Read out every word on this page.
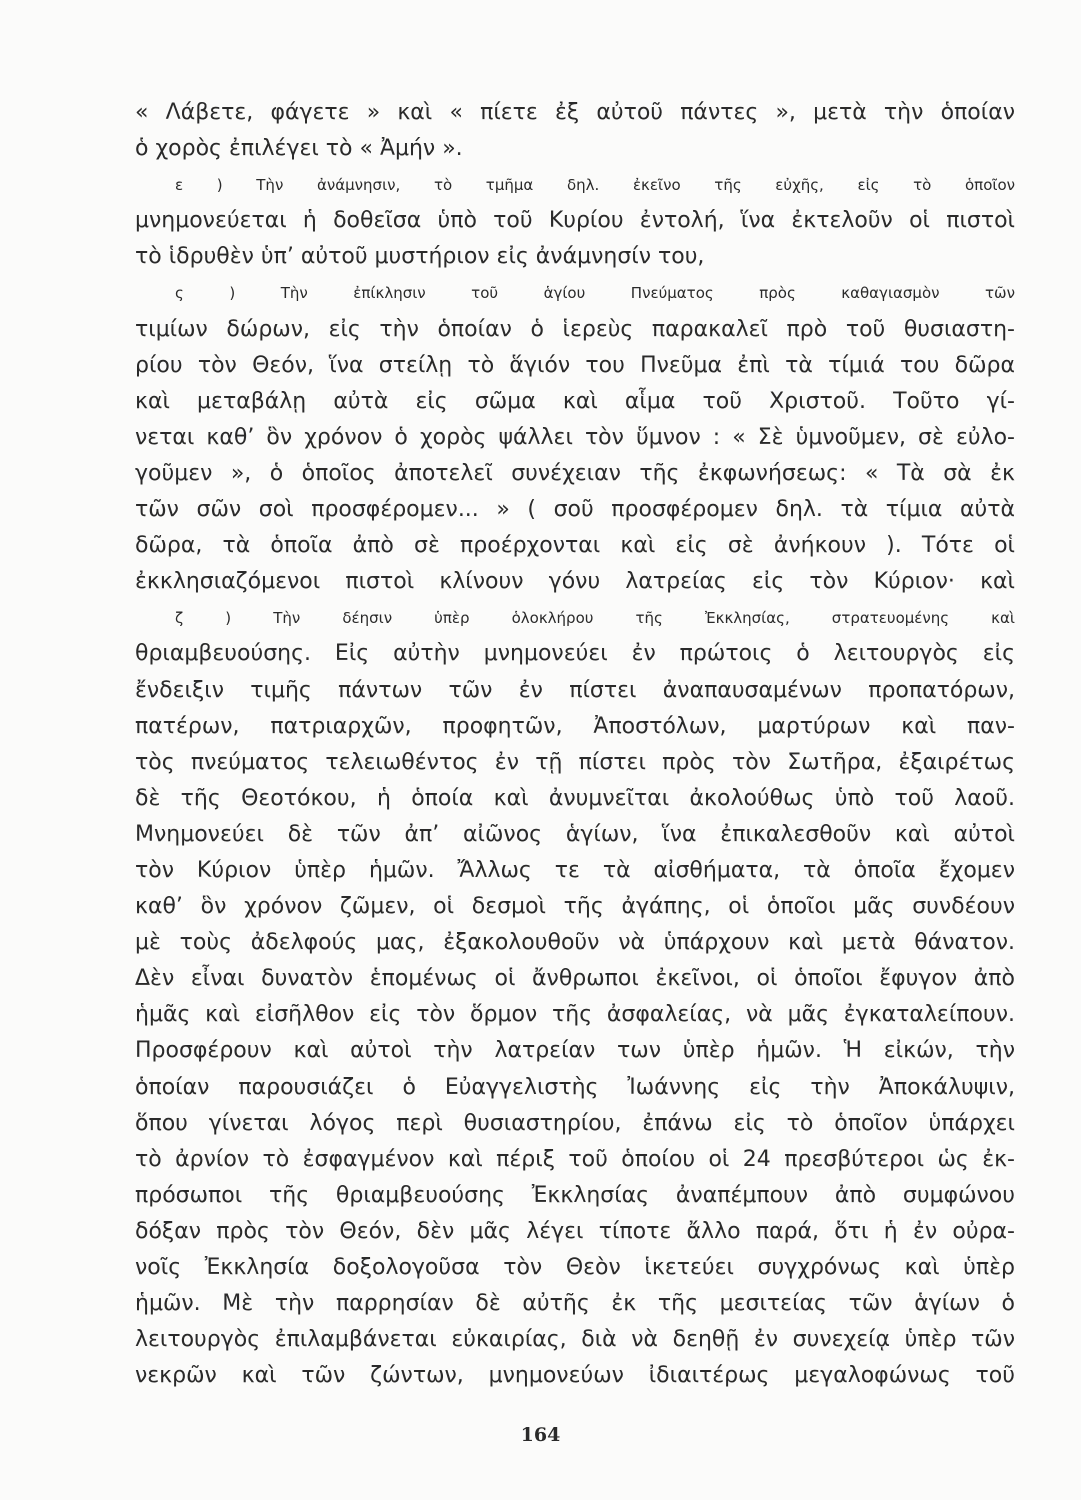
« Λάβετε, φάγετε » καὶ « πίετε ἐξ αὐτοῦ πάντες », μετὰ τὴν ὁποίαν
ὁ χορὸς ἐπιλέγει τὸ « Ἀμήν ».
ε ) Τὴν ἀνάμνησιν, τὸ τμῆμα δηλ. ἐκεῖνο τῆς εὐχῆς, εἰς τὸ ὁποῖον
μνημονεύεται ἡ δοθεῖσα ὑπὸ τοῦ Κυρίου ἐντολή, ἵνα ἐκτελοῦν οἱ πιστοὶ
τὸ ἱδρυθὲν ὑπ’ αὐτοῦ μυστήριον εἰς ἀνάμνησίν του,
ς ) Τὴν ἐπίκλησιν τοῦ ἁγίου Πνεύματος πρὸς καθαγιασμὸν τῶν
τιμίων δώρων, εἰς τὴν ὁποίαν ὁ ἱερεὺς παρακαλεῖ πρὸ τοῦ θυσιαστη-
ρίου τὸν Θεόν, ἵνα στείλῃ τὸ ἅγιόν του Πνεῦμα ἐπὶ τὰ τίμιά του δῶρα
καὶ μεταβάλῃ αὐτὰ εἰς σῶμα καὶ αἷμα τοῦ Χριστοῦ. Τοῦτο γί-
νεται καθ’ ὃν χρόνον ὁ χορὸς ψάλλει τὸν ὕμνον : « Σὲ ὑμνοῦμεν, σὲ εὐλο-
γοῦμεν », ὁ ὁποῖος ἀποτελεῖ συνέχειαν τῆς ἐκφωνήσεως: « Τὰ σὰ ἐκ
τῶν σῶν σοὶ προσφέρομεν... » ( σοῦ προσφέρομεν δηλ. τὰ τίμια αὐτὰ
δῶρα, τὰ ὁποῖα ἀπὸ σὲ προέρχονται καὶ εἰς σὲ ἀνήκουν ). Τότε οἱ
ἐκκλησιαζόμενοι πιστοὶ κλίνουν γόνυ λατρείας εἰς τὸν Κύριον· καὶ
ζ ) Τὴν δέησιν ὑπὲρ ὁλοκλήρου τῆς Ἐκκλησίας, στρατευομένης καὶ
θριαμβευούσης. Εἰς αὐτὴν μνημονεύει ἐν πρώτοις ὁ λειτουργὸς εἰς
ἔνδειξιν τιμῆς πάντων τῶν ἐν πίστει ἀναπαυσαμένων προπατόρων,
πατέρων, πατριαρχῶν, προφητῶν, Ἀποστόλων, μαρτύρων καὶ παν-
τὸς πνεύματος τελειωθέντος ἐν τῇ πίστει πρὸς τὸν Σωτῆρα, ἐξαιρέτως
δὲ τῆς Θεοτόκου, ἡ ὁποία καὶ ἀνυμνεῖται ἀκολούθως ὑπὸ τοῦ λαοῦ.
Μνημονεύει δὲ τῶν ἀπ’ αἰῶνος ἁγίων, ἵνα ἐπικαλεσθοῦν καὶ αὐτοὶ
τὸν Κύριον ὑπὲρ ἡμῶν. Ἄλλως τε τὰ αἰσθήματα, τὰ ὁποῖα ἔχομεν
καθ’ ὃν χρόνον ζῶμεν, οἱ δεσμοὶ τῆς ἀγάπης, οἱ ὁποῖοι μᾶς συνδέουν
μὲ τοὺς ἀδελφούς μας, ἐξακολουθοῦν νὰ ὑπάρχουν καὶ μετὰ θάνατον.
Δὲν εἶναι δυνατὸν ἑπομένως οἱ ἄνθρωποι ἐκεῖνοι, οἱ ὁποῖοι ἔφυγον ἀπὸ
ἡμᾶς καὶ εἰσῆλθον εἰς τὸν ὅρμον τῆς ἀσφαλείας, νὰ μᾶς ἐγκαταλείπουν.
Προσφέρουν καὶ αὐτοὶ τὴν λατρείαν των ὑπὲρ ἡμῶν. Ἡ εἰκών, τὴν
ὁποίαν παρουσιάζει ὁ Εὐαγγελιστὴς Ἰωάννης εἰς τὴν Ἀποκάλυψιν,
ὅπου γίνεται λόγος περὶ θυσιαστηρίου, ἐπάνω εἰς τὸ ὁποῖον ὑπάρχει
τὸ ἀρνίον τὸ ἐσφαγμένον καὶ πέριξ τοῦ ὁποίου οἱ 24 πρεσβύτεροι ὡς ἐκ-
πρόσωποι τῆς θριαμβευούσης Ἐκκλησίας ἀναπέμπουν ἀπὸ συμφώνου
δόξαν πρὸς τὸν Θεόν, δὲν μᾶς λέγει τίποτε ἄλλο παρά, ὅτι ἡ ἐν οὐρα-
νοῖς Ἐκκλησία δοξολογοῦσα τὸν Θεὸν ἱκετεύει συγχρόνως καὶ ὑπὲρ
ἡμῶν. Μὲ τὴν παρρησίαν δὲ αὐτῆς ἐκ τῆς μεσιτείας τῶν ἁγίων ὁ
λειτουργὸς ἐπιλαμβάνεται εὐκαιρίας, διὰ νὰ δεηθῇ ἐν συνεχείᾳ ὑπὲρ τῶν
νεκρῶν καὶ τῶν ζώντων, μνημονεύων ἰδιαιτέρως μεγαλοφώνως τοῦ
164
